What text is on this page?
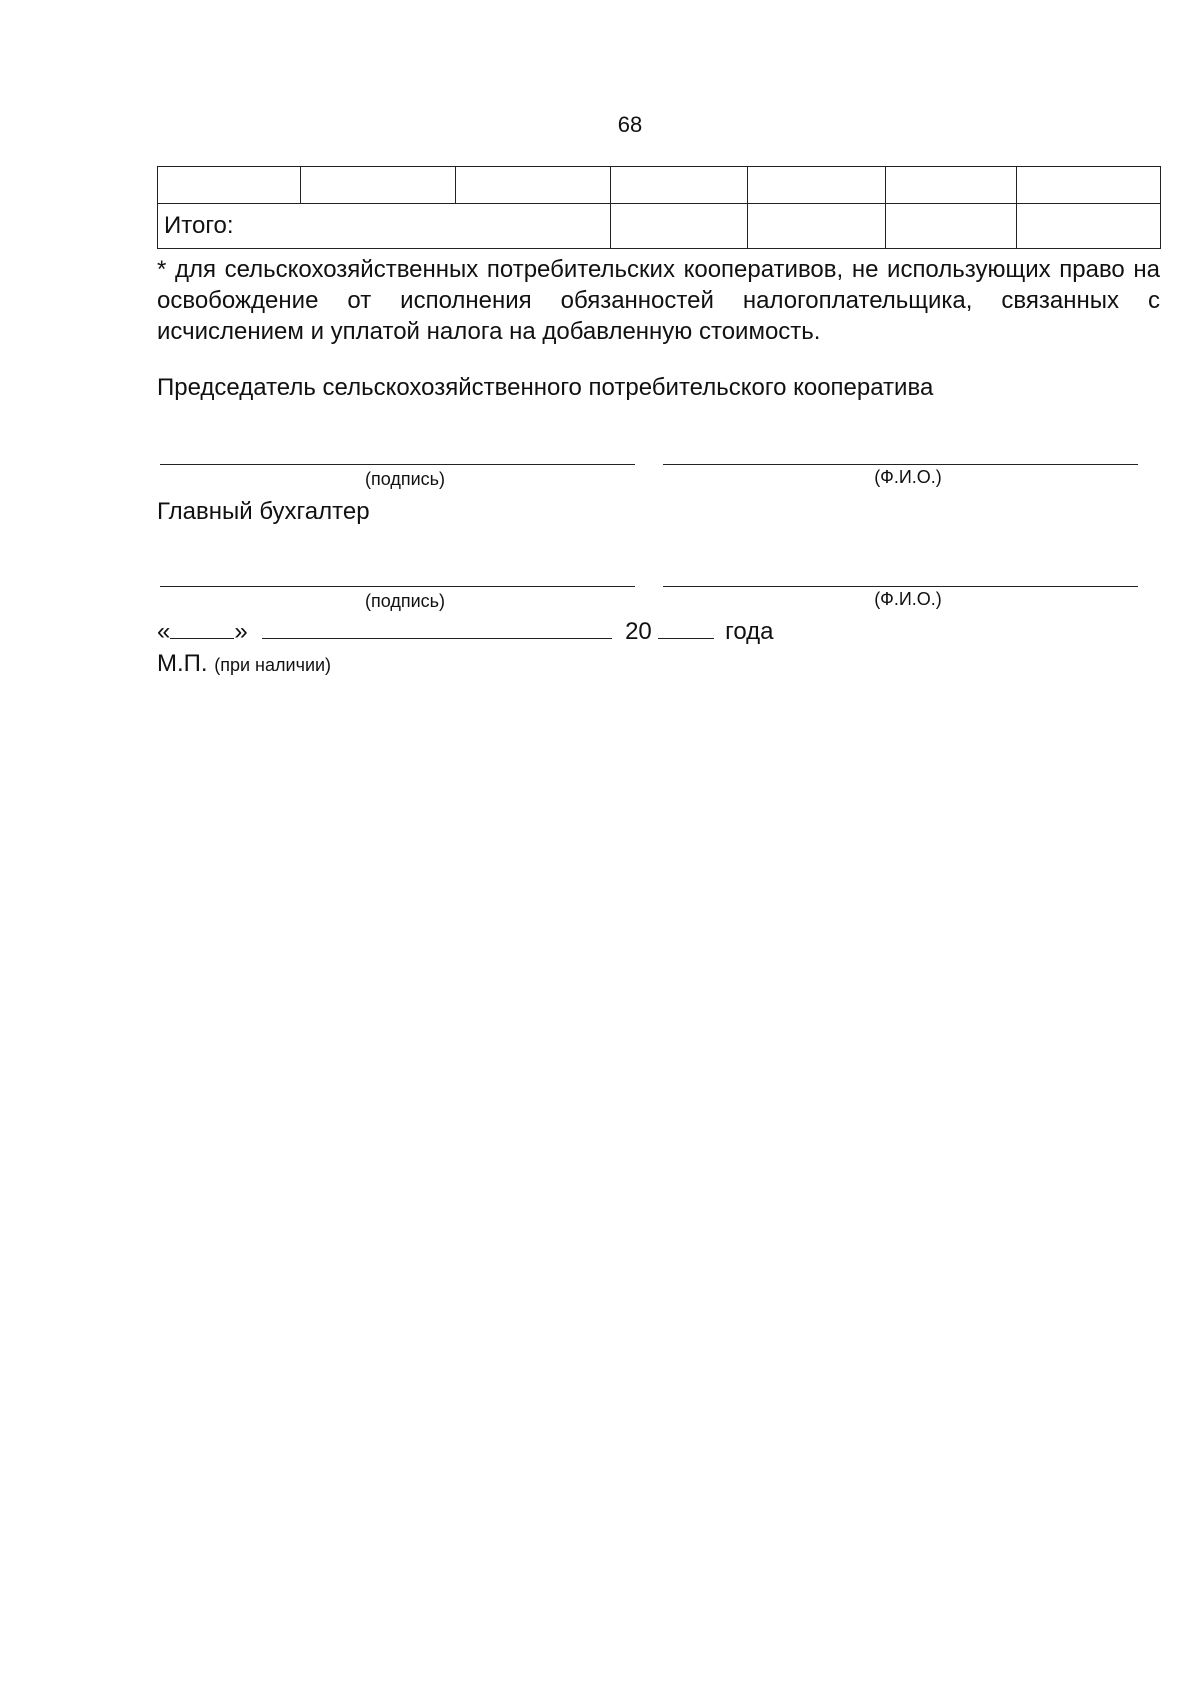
68

Итого:						
* для сельскохозяйственных потребительских кооперативов, не использующих право на освобождение от исполнения обязанностей налогоплательщика, связанных с исчислением и уплатой налога на добавленную стоимость.
Председатель сельскохозяйственного потребительского кооператива
(подпись)	(Ф.И.О.)
Главный бухгалтер
(подпись)	(Ф.И.О.)
«	»	20	года
М.П. (при наличии)
